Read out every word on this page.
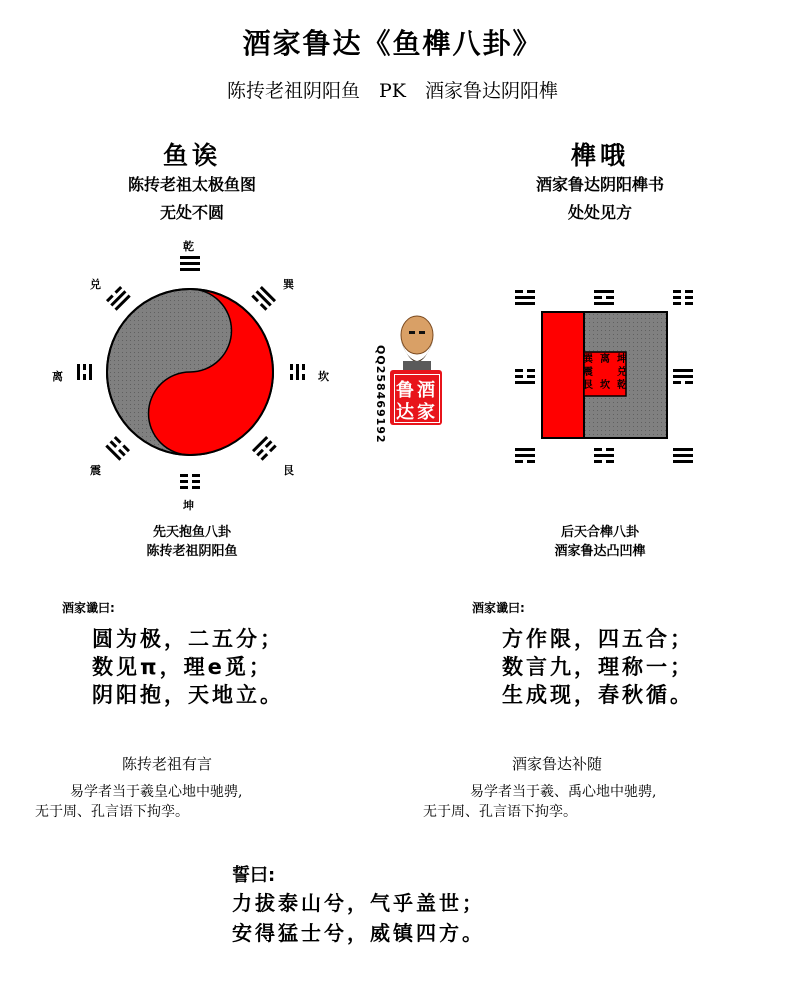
酒家鲁达《鱼榫八卦》
陈抟老祖阴阳鱼　PK　酒家鲁达阴阳榫
鱼诶
陈抟老祖太极鱼图
无处不圆
榫哦
酒家鲁达阴阳榫书
处处见方
乾
巽
坎
艮
坤
震
离
兑
QQ258469192 鲁 酒
达 家
巽 离 坤
震 兑
艮 坎 乾
先天抱鱼八卦
陈抟老祖阴阳鱼
后天合榫八卦
酒家鲁达凸凹榫
酒家谶曰:
圆为极，二五分；
数见π，理e觅；
阴阳抱，天地立。
酒家谶曰:
方作限，四五合；
数言九，理称一；
生成现，春秋循。
陈抟老祖有言
易学者当于羲皇心地中驰骋,
无于周、孔言语下拘孪。
酒家鲁达补随
易学者当于羲、禹心地中驰骋,
无于周、孔言语下拘孪。
誓曰:
力拔泰山兮，气乎盖世；
安得猛士兮，威镇四方。
